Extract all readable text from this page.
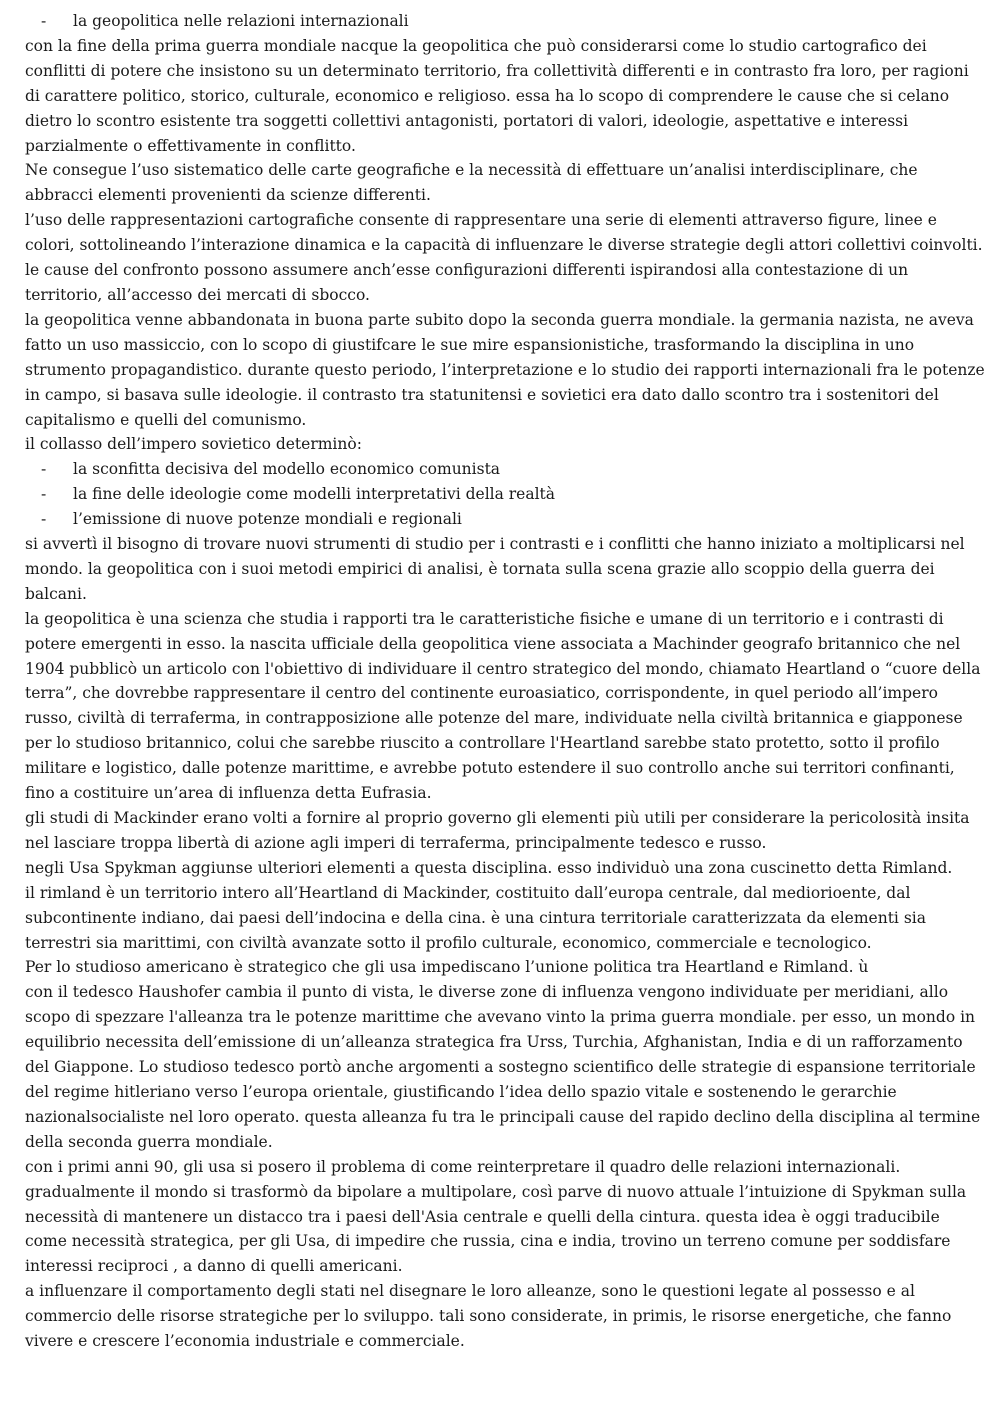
- la geopolitica nelle relazioni internazionali

con la fine della prima guerra mondiale nacque la geopolitica che può considerarsi come lo studio cartografico dei conflitti di potere che insistono su un determinato territorio, fra collettività differenti e in contrasto fra loro, per ragioni di carattere politico, storico, culturale, economico e religioso. essa ha lo scopo di comprendere le cause che si celano dietro lo scontro esistente tra soggetti collettivi antagonisti, portatori di valori, ideologie, aspettative e interessi parzialmente o effettivamente in conflitto.

Ne consegue l’uso sistematico delle carte geografiche e la necessità di effettuare un’analisi interdisciplinare, che abbracci elementi provenienti da scienze differenti.

l’uso delle rappresentazioni cartografiche consente di rappresentare una serie di elementi attraverso figure, linee e colori, sottolineando l’interazione dinamica e la capacità di influenzare le diverse strategie degli attori collettivi coinvolti.

le cause del confronto possono assumere anch’esse configurazioni differenti ispirandosi alla contestazione di un territorio, all’accesso dei mercati di sbocco.

la geopolitica venne abbandonata in buona parte subito dopo la seconda guerra mondiale. la germania nazista, ne aveva fatto un uso massiccio, con lo scopo di giustifcare le sue mire espansionistiche, trasformando la disciplina in uno strumento propagandistico. durante questo periodo, l’interpretazione e lo studio dei rapporti internazionali fra le potenze in campo, si basava sulle ideologie. il contrasto tra statunitensi e sovietici era dato dallo scontro tra i sostenitori del capitalismo e quelli del comunismo.

il collasso dell’impero sovietico determinò:

- la sconfitta decisiva del modello economico comunista
- la fine delle ideologie come modelli interpretativi della realtà
- l’emissione di nuove potenze mondiali e regionali

si avvertì il bisogno di trovare nuovi strumenti di studio per i contrasti e i conflitti che hanno iniziato a moltiplicarsi nel mondo. la geopolitica con i suoi metodi empirici di analisi, è tornata sulla scena grazie allo scoppio della guerra dei balcani.

la geopolitica è una scienza che studia i rapporti tra le caratteristiche fisiche e umane di un territorio e i contrasti di potere emergenti in esso. la nascita ufficiale della geopolitica viene associata a Machinder geografo britannico che nel 1904 pubblicò un articolo con l'obiettivo di individuare il centro strategico del mondo, chiamato Heartland o “cuore della terra”, che dovrebbe rappresentare il centro del continente euroasiatico, corrispondente, in quel periodo all’impero russo, civiltà di terraferma, in contrapposizione alle potenze del mare, individuate nella civiltà britannica e giapponese per lo studioso britannico, colui che sarebbe riuscito a controllare l'Heartland sarebbe stato protetto, sotto il profilo militare e logistico, dalle potenze marittime, e avrebbe potuto estendere il suo controllo anche sui territori confinanti, fino a costituire un’area di influenza detta Eufrasia.

gli studi di Mackinder erano volti a fornire al proprio governo gli elementi più utili per considerare la pericolosità insita nel lasciare troppa libertà di azione agli imperi di terraferma, principalmente tedesco e russo.

negli Usa Spykman aggiunse ulteriori elementi a questa disciplina. esso individuò una zona cuscinetto detta Rimland.

il rimland è un territorio intero all’Heartland di Mackinder, costituito dall’europa centrale, dal mediorioente, dal subcontinente indiano, dai paesi dell’indocina e della cina. è una cintura territoriale caratterizzata da elementi sia terrestri sia marittimi, con civiltà avanzate sotto il profilo culturale, economico, commerciale e tecnologico.

Per lo studioso americano è strategico che gli usa impediscano l’unione politica tra Heartland e Rimland. ù

con il tedesco Haushofer cambia il punto di vista, le diverse zone di influenza vengono individuate per meridiani, allo scopo di spezzare l'alleanza tra le potenze marittime che avevano vinto la prima guerra mondiale. per esso, un mondo in equilibrio necessita dell’emissione di un’alleanza strategica fra Urss, Turchia, Afghanistan, India e di un rafforzamento del Giappone. Lo studioso tedesco portò anche argomenti a sostegno scientifico delle strategie di espansione territoriale del regime hitleriano verso l’europa orientale, giustificando l’idea dello spazio vitale e sostenendo le gerarchie nazionalsocialiste nel loro operato. questa alleanza fu tra le principali cause del rapido declino della disciplina al termine della seconda guerra mondiale.

con i primi anni 90, gli usa si posero il problema di come reinterpretare il quadro delle relazioni internazionali. gradualmente il mondo si trasformò da bipolare a multipolare, così parve di nuovo attuale l’intuizione di Spykman sulla necessità di mantenere un distacco tra i paesi dell'Asia centrale e quelli della cintura. questa idea è oggi traducibile come necessità strategica, per gli Usa, di impedire che russia, cina e india, trovino un terreno comune per soddisfare interessi reciproci , a danno di quelli americani.

a influenzare il comportamento degli stati nel disegnare le loro alleanze, sono le questioni legate al possesso e al commercio delle risorse strategiche per lo sviluppo. tali sono considerate, in primis, le risorse energetiche, che fanno vivere e crescere l’economia industriale e commerciale.
